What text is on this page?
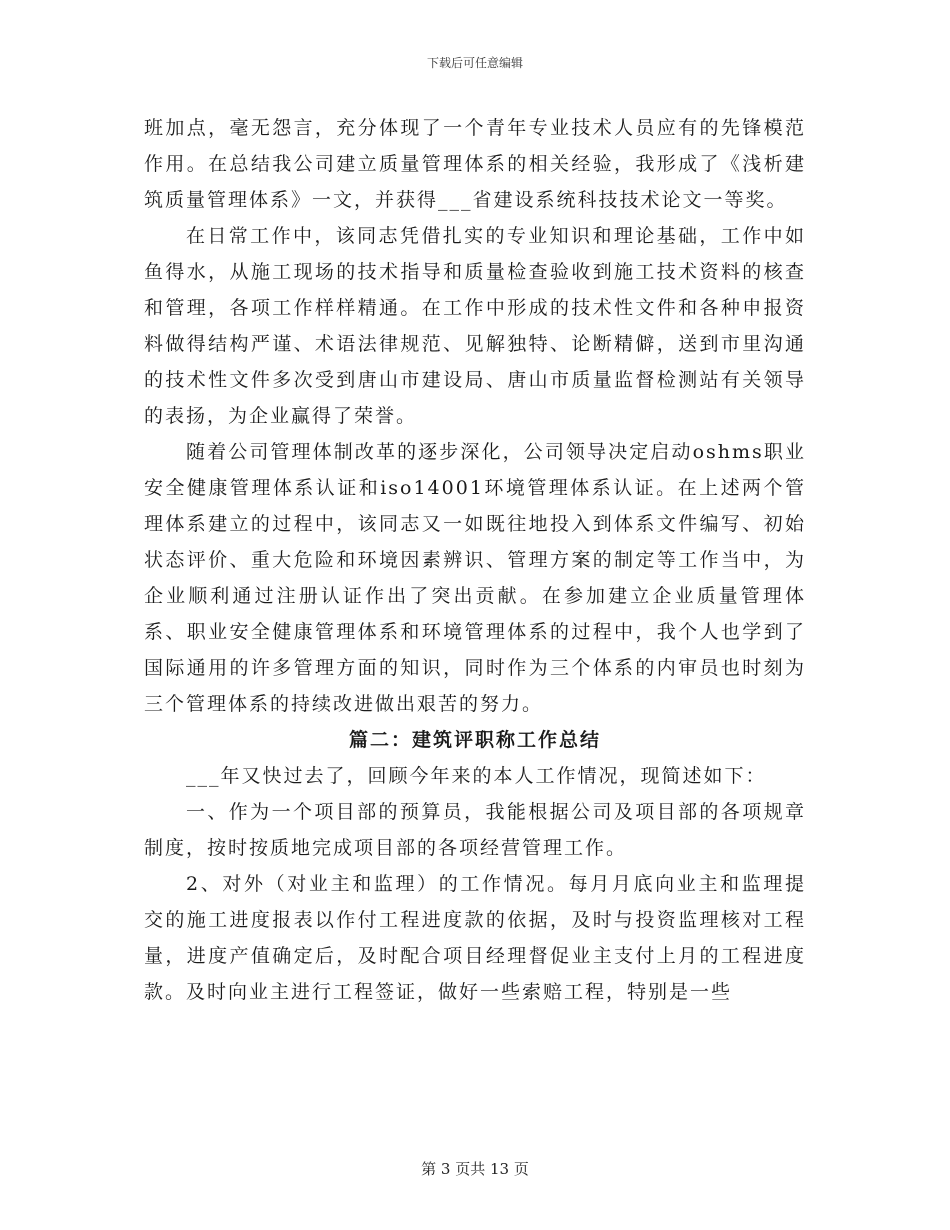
下载后可任意编辑

班加点，毫无怨言，充分体现了一个青年专业技术人员应有的先锋模范作用。在总结我公司建立质量管理体系的相关经验，我形成了《浅析建筑质量管理体系》一文，并获得___省建设系统科技技术论文一等奖。

在日常工作中，该同志凭借扎实的专业知识和理论基础，工作中如鱼得水，从施工现场的技术指导和质量检查验收到施工技术资料的核查和管理，各项工作样样精通。在工作中形成的技术性文件和各种申报资料做得结构严谨、术语法律规范、见解独特、论断精僻，送到市里沟通的技术性文件多次受到唐山市建设局、唐山市质量监督检测站有关领导的表扬，为企业赢得了荣誉。

随着公司管理体制改革的逐步深化，公司领导决定启动oshms职业安全健康管理体系认证和iso14001环境管理体系认证。在上述两个管理体系建立的过程中，该同志又一如既往地投入到体系文件编写、初始状态评价、重大危险和环境因素辨识、管理方案的制定等工作当中，为企业顺利通过注册认证作出了突出贡献。在参加建立企业质量管理体系、职业安全健康管理体系和环境管理体系的过程中，我个人也学到了国际通用的许多管理方面的知识，同时作为三个体系的内审员也时刻为三个管理体系的持续改进做出艰苦的努力。

篇二：建筑评职称工作总结

___年又快过去了，回顾今年来的本人工作情况，现简述如下：

一、作为一个项目部的预算员，我能根据公司及项目部的各项规章制度，按时按质地完成项目部的各项经营管理工作。

2、对外（对业主和监理）的工作情况。每月月底向业主和监理提交的施工进度报表以作付工程进度款的依据，及时与投资监理核对工程量，进度产值确定后，及时配合项目经理督促业主支付上月的工程进度款。及时向业主进行工程签证，做好一些索赔工程，特别是一些

第 3 页共 13 页
